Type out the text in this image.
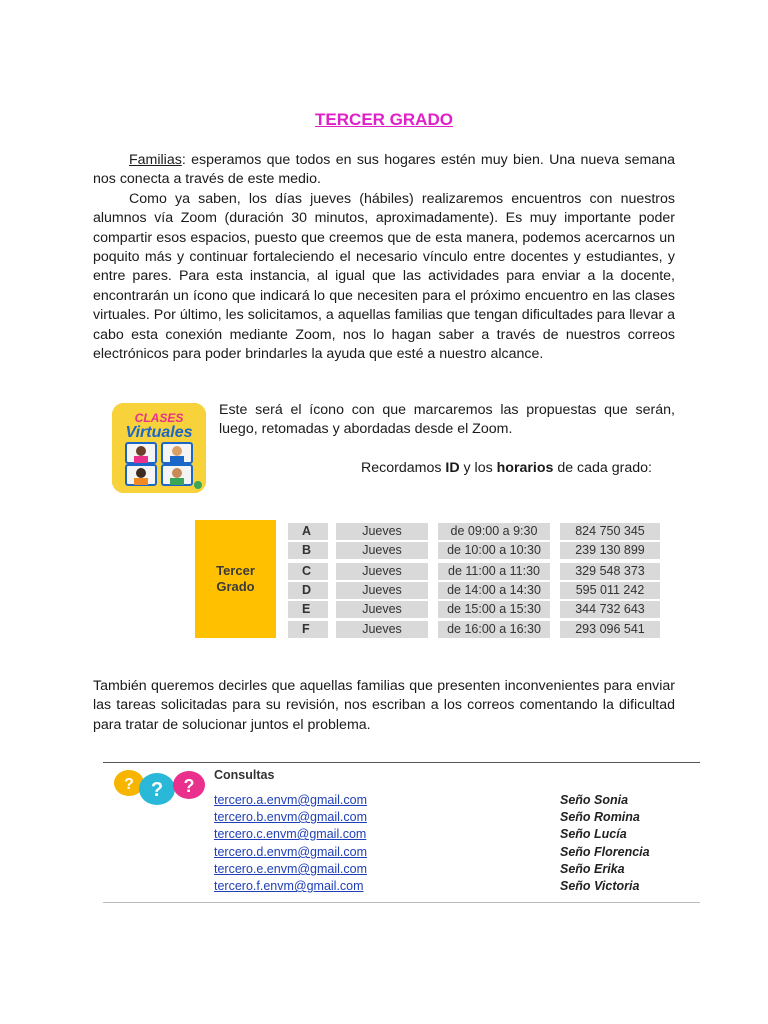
TERCER GRADO

Familias: esperamos que todos en sus hogares estén muy bien. Una nueva semana nos conecta a través de este medio.
Como ya saben, los días jueves (hábiles) realizaremos encuentros con nuestros alumnos vía Zoom (duración 30 minutos, aproximadamente). Es muy importante poder compartir esos espacios, puesto que creemos que de esta manera, podemos acercarnos un poquito más y continuar fortaleciendo el necesario vínculo entre docentes y estudiantes, y entre pares. Para esta instancia, al igual que las actividades para enviar a la docente, encontrarán un ícono que indicará lo que necesiten para el próximo encuentro en las clases virtuales. Por último, les solicitamos, a aquellas familias que tengan dificultades para llevar a cabo esta conexión mediante Zoom, nos lo hagan saber a través de nuestros correos electrónicos para poder brindarles la ayuda que esté a nuestro alcance.

CLASES
Virtuales

Este será el ícono con que marcaremos las propuestas que serán, luego, retomadas y abordadas desde el Zoom.

Recordamos ID y los horarios de cada grado:

Tercer
Grado
A	Jueves	de 09:00 a 9:30	824 750 345
B	Jueves	de 10:00 a 10:30	239 130 899
C	Jueves	de 11:00 a 11:30	329 548 373
D	Jueves	de 14:00 a 14:30	595 011 242
E	Jueves	de 15:00 a 15:30	344 732 643
F	Jueves	de 16:00 a 16:30	293 096 541

También queremos decirles que aquellas familias que presenten inconvenientes para enviar las tareas solicitadas para su revisión, nos escriban a los correos comentando la dificultad para tratar de solucionar juntos el problema.

? ? ?
Consultas
tercero.a.envm@gmail.com	Seño Sonia
tercero.b.envm@gmail.com	Seño Romina
tercero.c.envm@gmail.com	Seño Lucía
tercero.d.envm@gmail.com	Seño Florencia
tercero.e.envm@gmail.com	Seño Erika
tercero.f.envm@gmail.com	Seño Victoria
